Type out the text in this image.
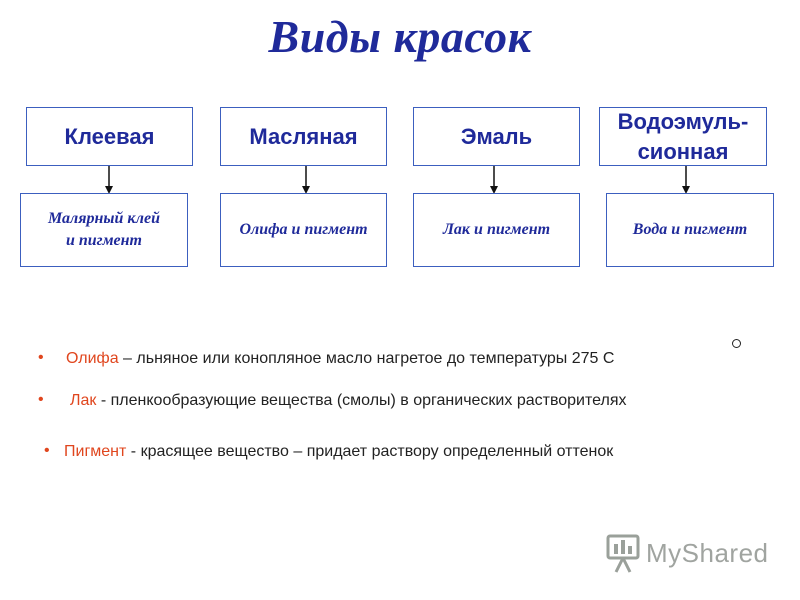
Виды красок
Клеевая	Масляная	Эмаль
Водоэмуль-
сионная
Малярный клей
и пигмент
Олифа и пигмент	Лак и пигмент	Вода и пигмент
• Олифа – льняное или конопляное масло нагретое до температуры 275 С
• Лак - пленкообразующие вещества (смолы) в органических растворителях
• Пигмент - красящее вещество – придает раствору определенный оттенок
MyShared
